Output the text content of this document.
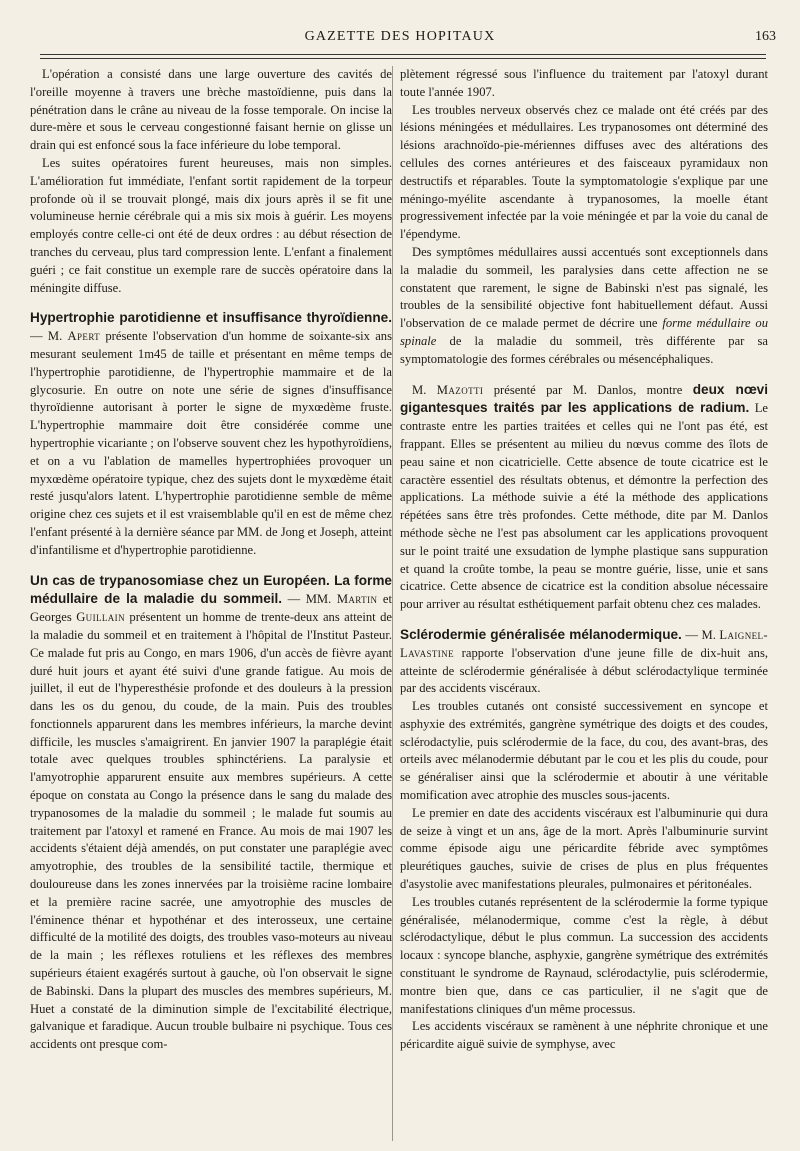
GAZETTE DES HOPITAUX	163

L'opération a consisté dans une large ouverture des cavités de l'oreille moyenne à travers une brèche mastoïdienne, puis dans la pénétration dans le crâne au niveau de la fosse temporale. On incise la dure-mère et sous le cerveau congestionné faisant hernie on glisse un drain qui est enfoncé sous la face inférieure du lobe temporal.

Les suites opératoires furent heureuses, mais non simples. L'amélioration fut immédiate, l'enfant sortit rapidement de la torpeur profonde où il se trouvait plongé, mais dix jours après il se fit une volumineuse hernie cérébrale qui a mis six mois à guérir. Les moyens employés contre celle-ci ont été de deux ordres : au début résection de tranches du cerveau, plus tard compression lente. L'enfant a finalement guéri ; ce fait constitue un exemple rare de succès opératoire dans la méningite diffuse.

Hypertrophie parotidienne et insuffisance thyroïdienne. — M. Apert présente l'observation d'un homme de soixante-six ans mesurant seulement 1m45 de taille et présentant en même temps de l'hypertrophie parotidienne, de l'hypertrophie mammaire et de la glycosurie. En outre on note une série de signes d'insuffisance thyroïdienne autorisant à porter le signe de myxœdème fruste. L'hypertrophie mammaire doit être considérée comme une hypertrophie vicariante ; on l'observe souvent chez les hypothyroïdiens, et on a vu l'ablation de mamelles hypertrophiées provoquer un myxœdème opératoire typique, chez des sujets dont le myxœdème était resté jusqu'alors latent. L'hypertrophie parotidienne semble de même origine chez ces sujets et il est vraisemblable qu'il en est de même chez l'enfant présenté à la dernière séance par MM. de Jong et Joseph, atteint d'infantilisme et d'hypertrophie parotidienne.

Un cas de trypanosomiase chez un Européen. La forme médullaire de la maladie du sommeil. — MM. Martin et Georges Guillain présentent un homme de trente-deux ans atteint de la maladie du sommeil et en traitement à l'hôpital de l'Institut Pasteur. Ce malade fut pris au Congo, en mars 1906, d'un accès de fièvre ayant duré huit jours et ayant été suivi d'une grande fatigue. Au mois de juillet, il eut de l'hyperesthésie profonde et des douleurs à la pression dans les os du genou, du coude, de la main. Puis des troubles fonctionnels apparurent dans les membres inférieurs, la marche devint difficile, les muscles s'amaigrirent. En janvier 1907 la paraplégie était totale avec quelques troubles sphinctériens. La paralysie et l'amyotrophie apparurent ensuite aux membres supérieurs. A cette époque on constata au Congo la présence dans le sang du malade des trypanosomes de la maladie du sommeil ; le malade fut soumis au traitement par l'atoxyl et ramené en France. Au mois de mai 1907 les accidents s'étaient déjà amendés, on put constater une paraplégie avec amyotrophie, des troubles de la sensibilité tactile, thermique et douloureuse dans les zones innervées par la troisième racine lombaire et la première racine sacrée, une amyotrophie des muscles de l'éminence thénar et hypothénar et des interosseux, une certaine difficulté de la motilité des doigts, des troubles vaso-moteurs au niveau de la main ; les réflexes rotuliens et les réflexes des membres supérieurs étaient exagérés surtout à gauche, où l'on observait le signe de Babinski. Dans la plupart des muscles des membres supérieurs, M. Huet a constaté de la diminution simple de l'excitabilité électrique, galvanique et faradique. Aucun trouble bulbaire ni psychique. Tous ces accidents ont presque com-

plètement régressé sous l'influence du traitement par l'atoxyl durant toute l'année 1907.

Les troubles nerveux observés chez ce malade ont été créés par des lésions méningées et médullaires. Les trypanosomes ont déterminé des lésions arachnoïdo-pie-mériennes diffuses avec des altérations des cellules des cornes antérieures et des faisceaux pyramidaux non destructifs et réparables. Toute la symptomatologie s'explique par une méningo-myélite ascendante à trypanosomes, la moelle étant progressivement infectée par la voie méningée et par la voie du canal de l'épendyme.

Des symptômes médullaires aussi accentués sont exceptionnels dans la maladie du sommeil, les paralysies dans cette affection ne se constatent que rarement, le signe de Babinski n'est pas signalé, les troubles de la sensibilité objective font habituellement défaut. Aussi l'observation de ce malade permet de décrire une forme médullaire ou spinale de la maladie du sommeil, très différente par sa symptomatologie des formes cérébrales ou mésencéphaliques.

M. Mazotti présenté par M. Danlos, montre deux nœvi gigantesques traités par les applications de radium. Le contraste entre les parties traitées et celles qui ne l'ont pas été, est frappant. Elles se présentent au milieu du nœvus comme des îlots de peau saine et non cicatricielle. Cette absence de toute cicatrice est le caractère essentiel des résultats obtenus, et démontre la perfection des applications. La méthode suivie a été la méthode des applications répétées sans être très profondes. Cette méthode, dite par M. Danlos méthode sèche ne l'est pas absolument car les applications provoquent sur le point traité une exsudation de lymphe plastique sans suppuration et quand la croûte tombe, la peau se montre guérie, lisse, unie et sans cicatrice. Cette absence de cicatrice est la condition absolue nécessaire pour arriver au résultat esthétiquement parfait obtenu chez ces malades.

Sclérodermie généralisée mélanodermique. — M. Laignel-Lavastine rapporte l'observation d'une jeune fille de dix-huit ans, atteinte de sclérodermie généralisée à début sclérodactylique terminée par des accidents viscéraux.

Les troubles cutanés ont consisté successivement en syncope et asphyxie des extrémités, gangrène symétrique des doigts et des coudes, sclérodactylie, puis sclérodermie de la face, du cou, des avant-bras, des orteils avec mélanodermie débutant par le cou et les plis du coude, pour se généraliser ainsi que la sclérodermie et aboutir à une véritable momification avec atrophie des muscles sous-jacents.

Le premier en date des accidents viscéraux est l'albuminurie qui dura de seize à vingt et un ans, âge de la mort. Après l'albuminurie survint comme épisode aigu une péricardite fébride avec symptômes pleurétiques gauches, suivie de crises de plus en plus fréquentes d'asystolie avec manifestations pleurales, pulmonaires et péritonéales.

Les troubles cutanés représentent de la sclérodermie la forme typique généralisée, mélanodermique, comme c'est la règle, à début sclérodactylique, début le plus commun. La succession des accidents locaux : syncope blanche, asphyxie, gangrène symétrique des extrémités constituant le syndrome de Raynaud, sclérodactylie, puis sclérodermie, montre bien que, dans ce cas particulier, il ne s'agit que de manifestations cliniques d'un même processus.

Les accidents viscéraux se ramènent à une néphrite chronique et une péricardite aiguë suivie de symphyse, avec
